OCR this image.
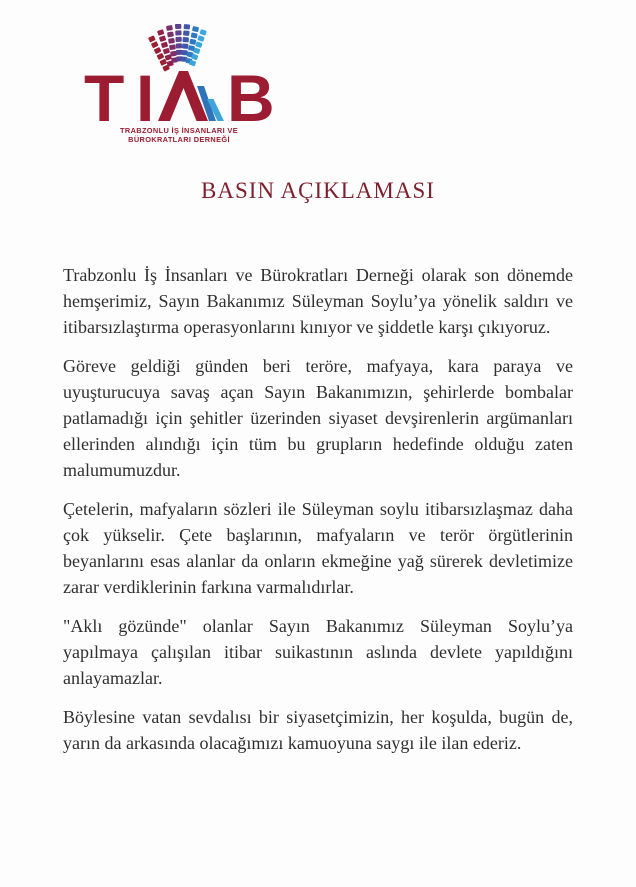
T I B
TRABZONLU İŞ İNSANLARI VE
BÜROKRATLARI DERNEĞİ
BASIN AÇIKLAMASI

Trabzonlu İş İnsanları ve Bürokratları Derneği olarak son dönemde hemşerimiz, Sayın Bakanımız Süleyman Soylu’ya yönelik saldırı ve itibarsızlaştırma operasyonlarını kınıyor ve şiddetle karşı çıkıyoruz.

Göreve geldiği günden beri teröre, mafyaya, kara paraya ve uyuşturucuya savaş açan Sayın Bakanımızın, şehirlerde bombalar patlamadığı için şehitler üzerinden siyaset devşirenlerin argümanları ellerinden alındığı için tüm bu grupların hedefinde olduğu zaten malumumuzdur.

Çetelerin, mafyaların sözleri ile Süleyman soylu itibarsızlaşmaz daha çok yükselir. Çete başlarının, mafyaların ve terör örgütlerinin beyanlarını esas alanlar da onların ekmeğine yağ sürerek devletimize zarar verdiklerinin farkına varmalıdırlar.

"Aklı gözünde" olanlar Sayın Bakanımız Süleyman Soylu’ya yapılmaya çalışılan itibar suikastının aslında devlete yapıldığını anlayamazlar.

Böylesine vatan sevdalısı bir siyasetçimizin, her koşulda, bugün de, yarın da arkasında olacağımızı kamuoyuna saygı ile ilan ederiz.
